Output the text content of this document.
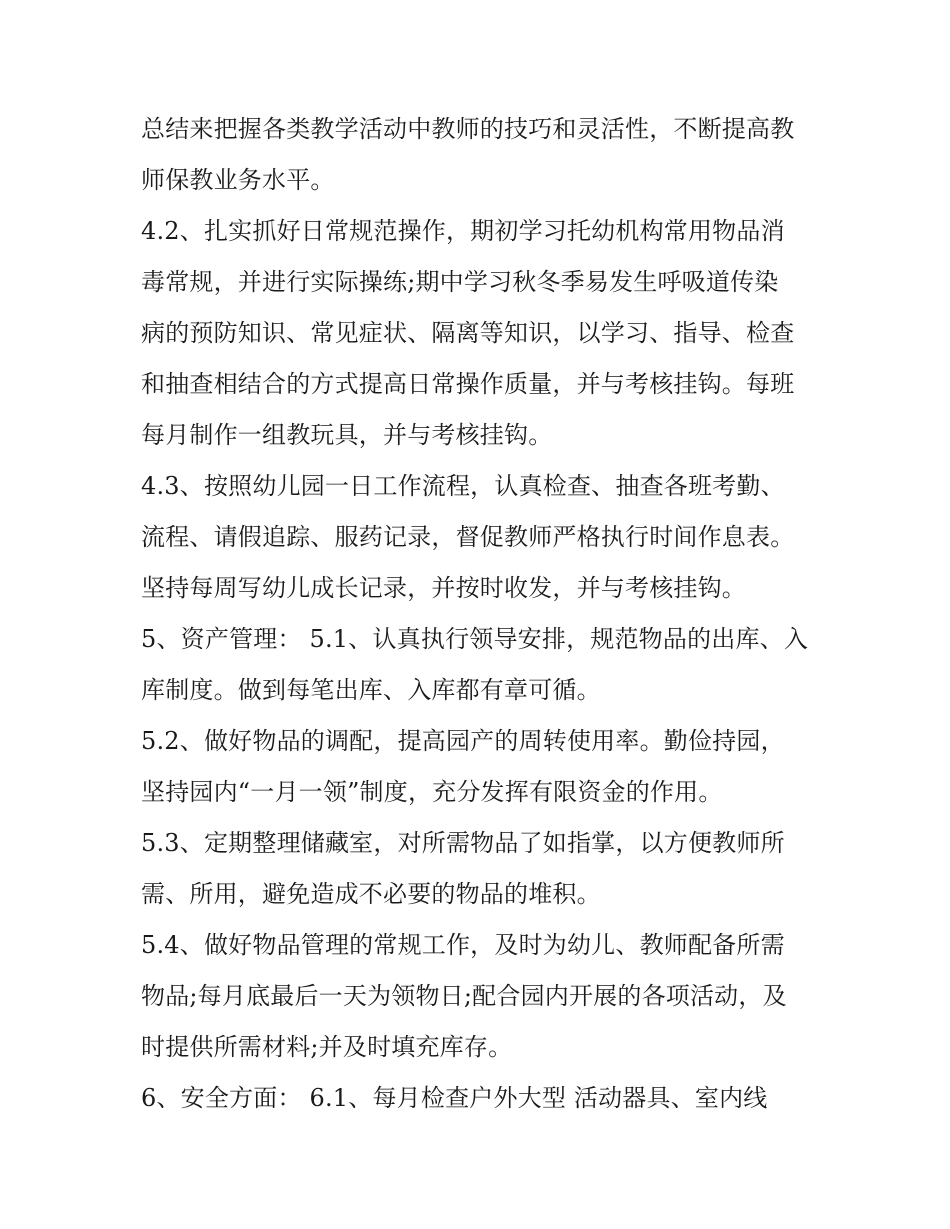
总结来把握各类教学活动中教师的技巧和灵活性，不断提高教
师保教业务水平。
4.2、扎实抓好日常规范操作，期初学习托幼机构常用物品消
毒常规，并进行实际操练;期中学习秋冬季易发生呼吸道传染
病的预防知识、常见症状、隔离等知识，以学习、指导、检查
和抽查相结合的方式提高日常操作质量，并与考核挂钩。每班
每月制作一组教玩具，并与考核挂钩。
4.3、按照幼儿园一日工作流程，认真检查、抽查各班考勤、
流程、请假追踪、服药记录，督促教师严格执行时间作息表。
坚持每周写幼儿成长记录，并按时收发，并与考核挂钩。
5、资产管理： 5.1、认真执行领导安排，规范物品的出库、入
库制度。做到每笔出库、入库都有章可循。
5.2、做好物品的调配，提高园产的周转使用率。勤俭持园，
坚持园内“一月一领”制度，充分发挥有限资金的作用。
5.3、定期整理储藏室，对所需物品了如指掌，以方便教师所
需、所用，避免造成不必要的物品的堆积。
5.4、做好物品管理的常规工作，及时为幼儿、教师配备所需
物品;每月底最后一天为领物日;配合园内开展的各项活动，及
时提供所需材料;并及时填充库存。
6、安全方面： 6.1、每月检查户外大型 活动器具、室内线
